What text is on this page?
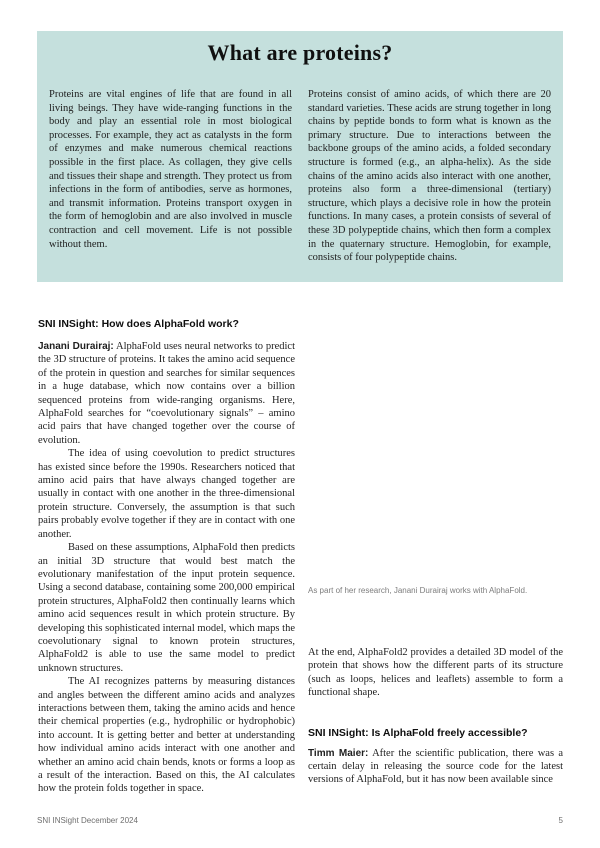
What are proteins?

Proteins are vital engines of life that are found in all living beings. They have wide-ranging functions in the body and play an essential role in most biological processes. For example, they act as catalysts in the form of enzymes and make numerous chemical reactions possible in the first place. As collagen, they give cells and tissues their shape and strength. They protect us from infections in the form of antibodies, serve as hormones, and transmit information. Proteins transport oxygen in the form of hemoglobin and are also involved in muscle contraction and cell movement. Life is not possible without them.

Proteins consist of amino acids, of which there are 20 standard varieties. These acids are strung together in long chains by peptide bonds to form what is known as the primary structure. Due to interactions between the backbone groups of the amino acids, a folded secondary structure is formed (e.g., an alpha-helix). As the side chains of the amino acids also interact with one another, proteins also form a three-dimensional (tertiary) structure, which plays a decisive role in how the protein functions. In many cases, a protein consists of several of these 3D polypeptide chains, which then form a complex in the quaternary structure. Hemoglobin, for example, consists of four polypeptide chains.

SNI INSight: How does AlphaFold work?

Janani Durairaj: AlphaFold uses neural networks to predict the 3D structure of proteins. It takes the amino acid sequence of the protein in question and searches for similar sequences in a huge database, which now contains over a billion sequenced proteins from wide-ranging organisms. Here, AlphaFold searches for “coevolutionary signals” – amino acid pairs that have changed together over the course of evolution.

The idea of using coevolution to predict structures has existed since before the 1990s. Researchers noticed that amino acid pairs that have always changed together are usually in contact with one another in the three-dimensional protein structure. Conversely, the assumption is that such pairs probably evolve together if they are in contact with one another.

Based on these assumptions, AlphaFold then predicts an initial 3D structure that would best match the evolutionary manifestation of the input protein sequence. Using a second database, containing some 200,000 empirical protein structures, AlphaFold2 then continually learns which amino acid sequences result in which protein structure. By developing this sophisticated internal model, which maps the coevolutionary signal to known protein structures, AlphaFold2 is able to use the same model to predict unknown structures.

The AI recognizes patterns by measuring distances and angles between the different amino acids and analyzes interactions between them, taking the amino acids and hence their chemical properties (e.g., hydrophilic or hydrophobic) into account. It is getting better and better at understanding how individual amino acids interact with one another and whether an amino acid chain bends, knots or forms a loop as a result of the interaction. Based on this, the AI calculates how the protein folds together in space.

As part of her research, Janani Durairaj works with AlphaFold.

At the end, AlphaFold2 provides a detailed 3D model of the protein that shows how the different parts of its structure (such as loops, helices and leaflets) assemble to form a functional shape.

SNI INSight: Is AlphaFold freely accessible?

Timm Maier: After the scientific publication, there was a certain delay in releasing the source code for the latest versions of AlphaFold, but it has now been available since

SNI INSight December 2024	5
